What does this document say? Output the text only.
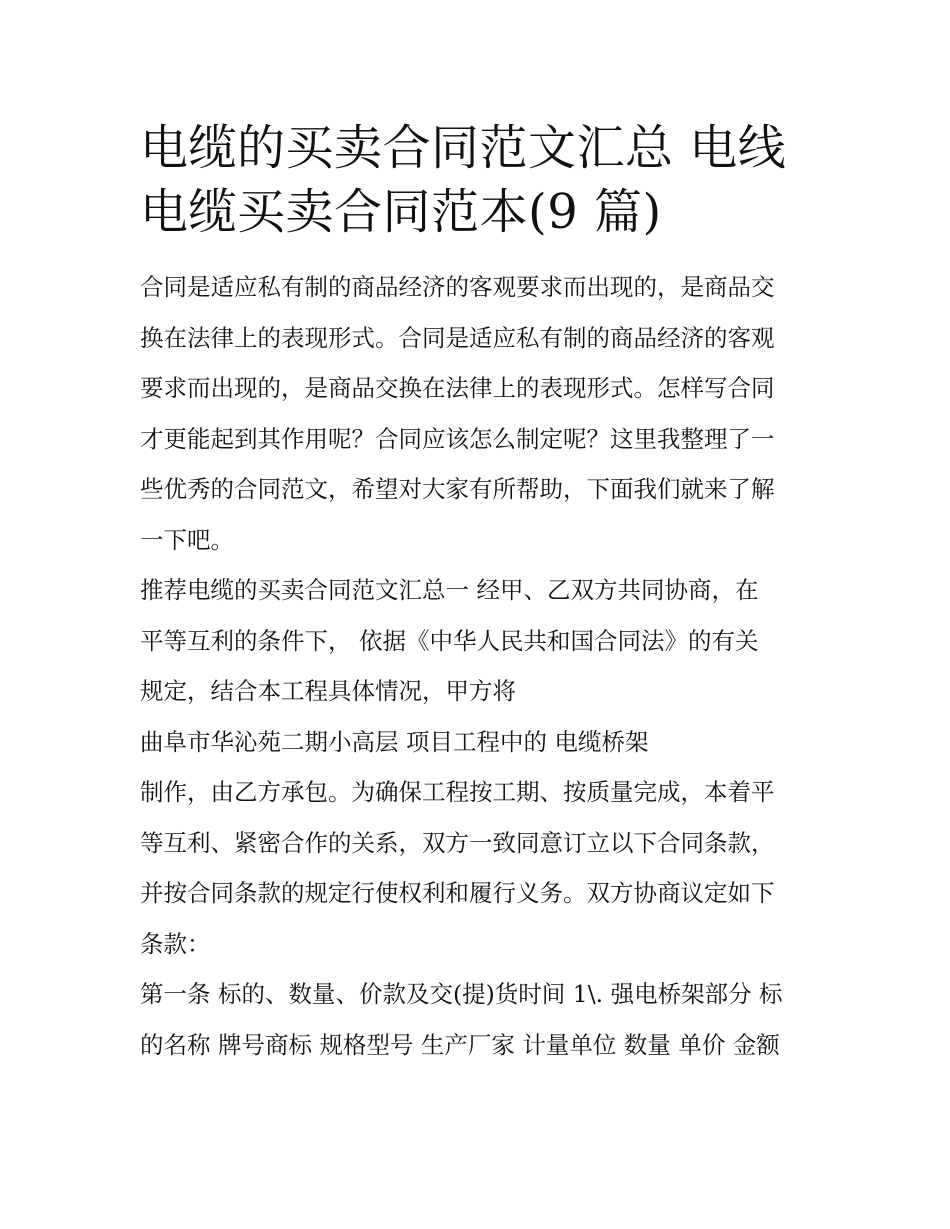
电缆的买卖合同范文汇总 电线
电缆买卖合同范本(9 篇)

合同是适应私有制的商品经济的客观要求而出现的，是商品交
换在法律上的表现形式。合同是适应私有制的商品经济的客观
要求而出现的，是商品交换在法律上的表现形式。怎样写合同
才更能起到其作用呢？合同应该怎么制定呢？这里我整理了一
些优秀的合同范文，希望对大家有所帮助，下面我们就来了解
一下吧。

推荐电缆的买卖合同范文汇总一 经甲、乙双方共同协商，在
平等互利的条件下， 依据《中华人民共和国合同法》的有关
规定，结合本工程具体情况，甲方将

曲阜市华沁苑二期小高层 项目工程中的 电缆桥架

制作，由乙方承包。为确保工程按工期、按质量完成，本着平
等互利、紧密合作的关系，双方一致同意订立以下合同条款，
并按合同条款的规定行使权利和履行义务。双方协商议定如下
条款：

第一条 标的、数量、价款及交(提)货时间 1\. 强电桥架部分 标
的名称 牌号商标 规格型号 生产厂家 计量单位 数量 单价 金额
